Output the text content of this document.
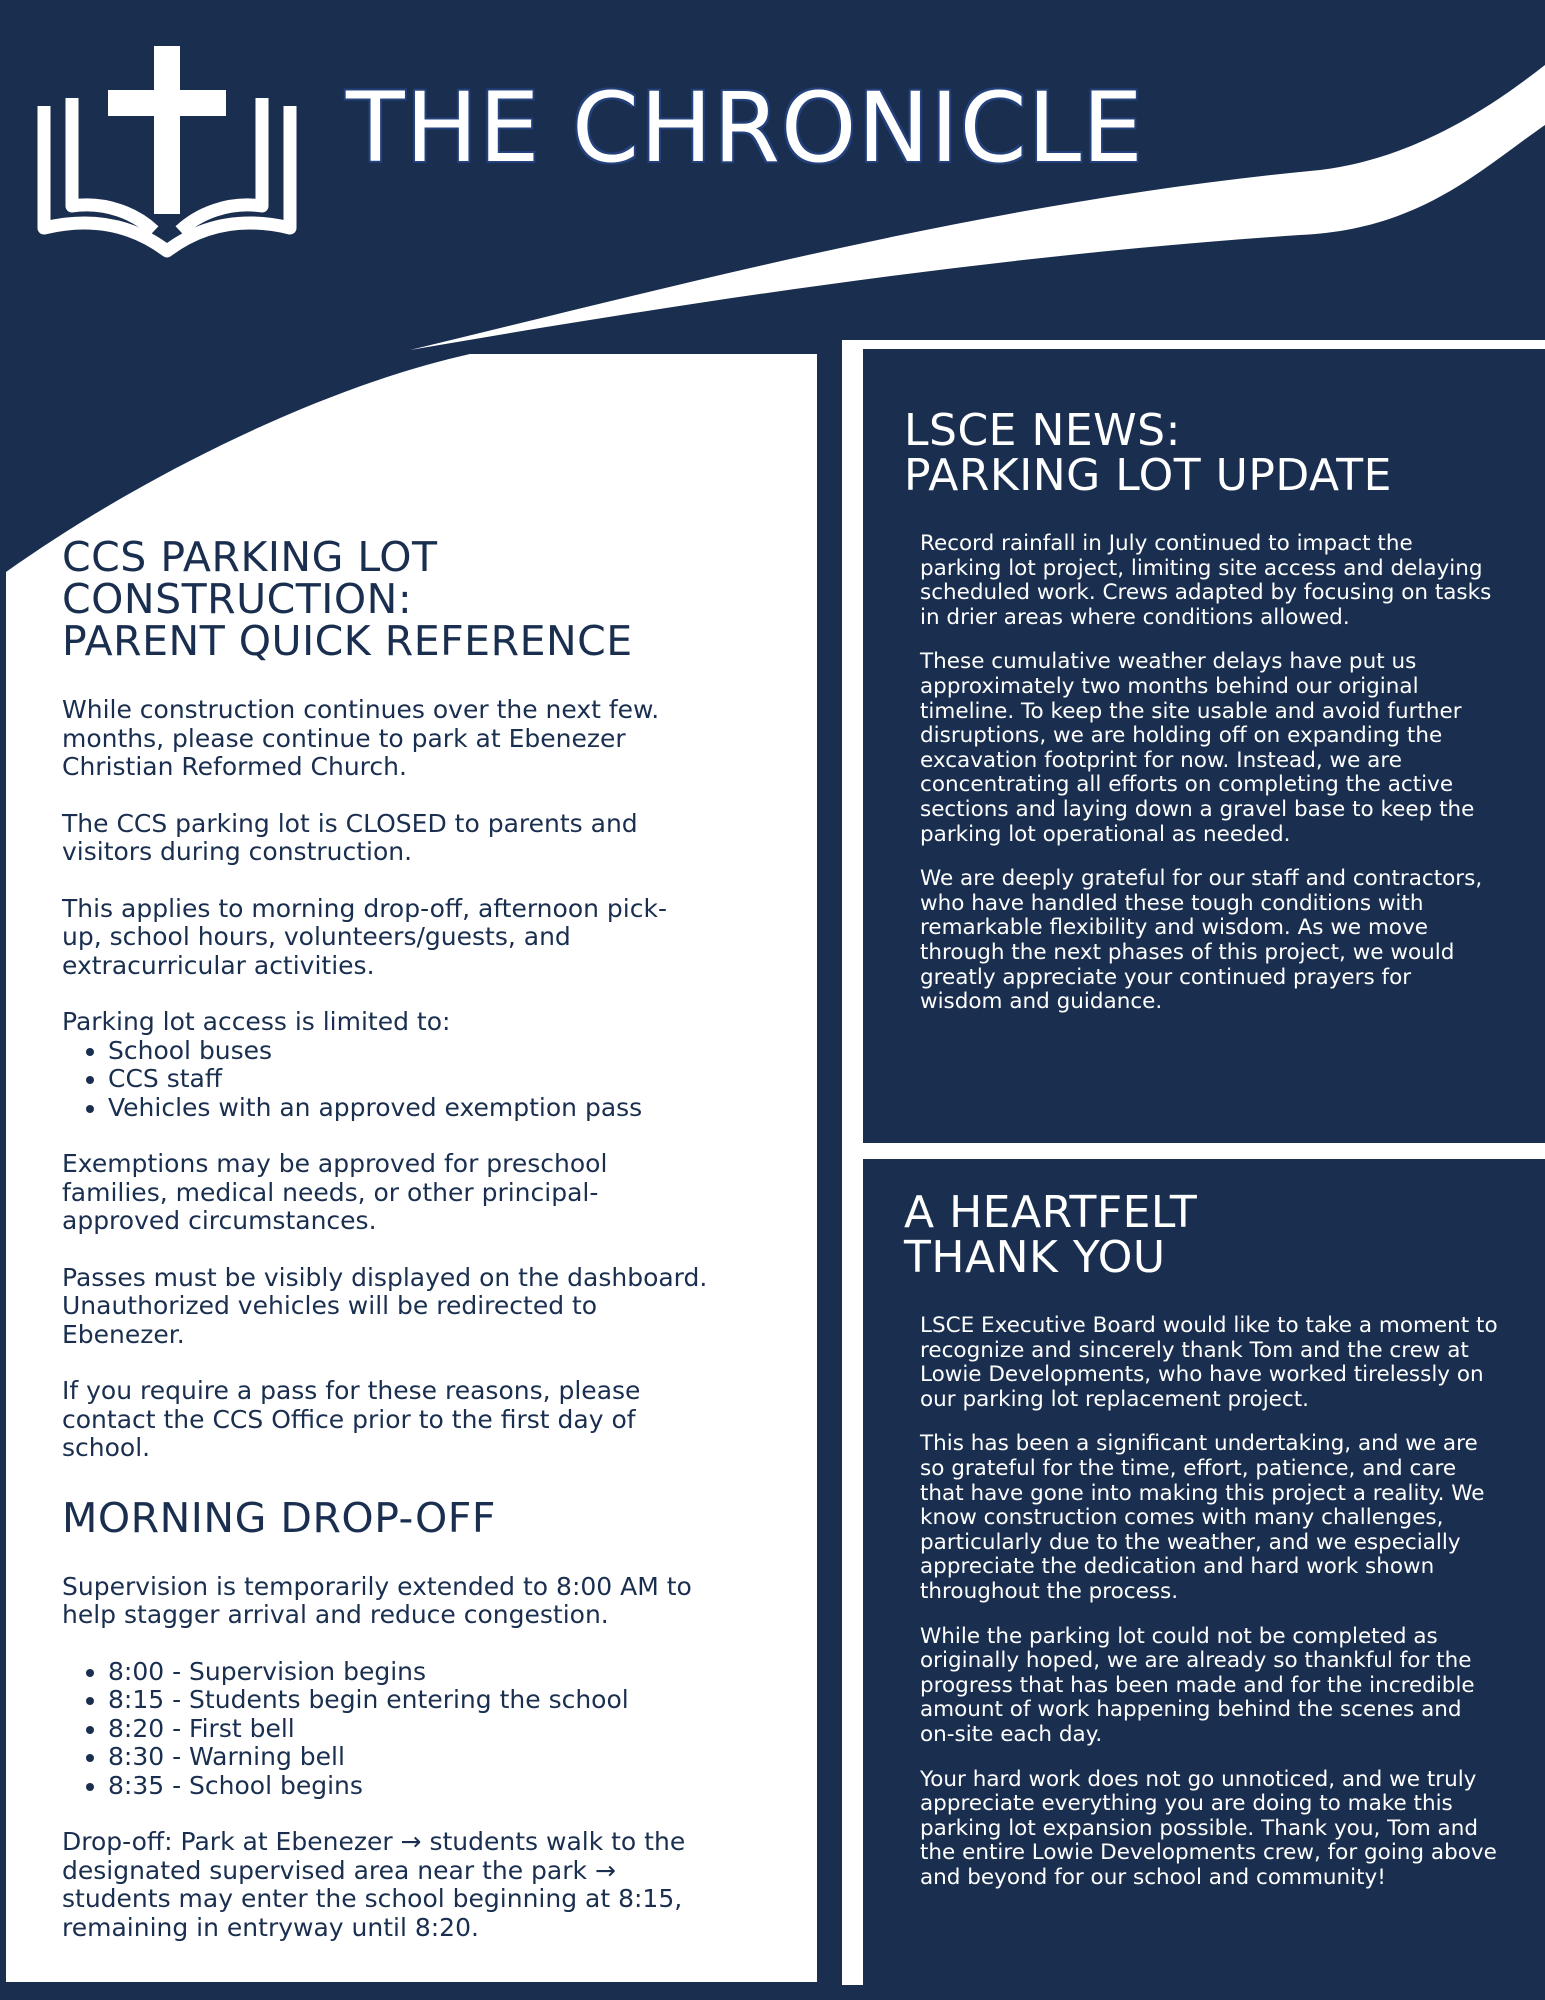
THE CHRONICLE
CCS PARKING LOT
CONSTRUCTION:
PARENT QUICK REFERENCE

While construction continues over the next few.
months, please continue to park at Ebenezer
Christian Reformed Church.

The CCS parking lot is CLOSED to parents and
visitors during construction.

This applies to morning drop-off, afternoon pick-
up, school hours, volunteers/guests, and
extracurricular activities.

Parking lot access is limited to:

• School buses
• CCS staff
• Vehicles with an approved exemption pass

Exemptions may be approved for preschool
families, medical needs, or other principal-
approved circumstances.

Passes must be visibly displayed on the dashboard.
Unauthorized vehicles will be redirected to
Ebenezer.

If you require a pass for these reasons, please
contact the CCS Office prior to the first day of
school.

MORNING DROP-OFF

Supervision is temporarily extended to 8:00 AM to
help stagger arrival and reduce congestion.

• 8:00 - Supervision begins
• 8:15 - Students begin entering the school
• 8:20 - First bell
• 8:30 - Warning bell
• 8:35 - School begins

Drop-off: Park at Ebenezer → students walk to the
designated supervised area near the park →
students may enter the school beginning at 8:15,
remaining in entryway until 8:20.

LSCE NEWS:
PARKING LOT UPDATE

Record rainfall in July continued to impact the parking lot project, limiting site access and delaying scheduled work. Crews adapted by focusing on tasks in drier areas where conditions allowed.

These cumulative weather delays have put us approximately two months behind our original timeline. To keep the site usable and avoid further disruptions, we are holding off on expanding the excavation footprint for now. Instead, we are concentrating all efforts on completing the active sections and laying down a gravel base to keep the parking lot operational as needed.

We are deeply grateful for our staff and contractors, who have handled these tough conditions with remarkable flexibility and wisdom. As we move through the next phases of this project, we would greatly appreciate your continued prayers for wisdom and guidance.

A HEARTFELT
THANK YOU

LSCE Executive Board would like to take a moment to recognize and sincerely thank Tom and the crew at Lowie Developments, who have worked tirelessly on our parking lot replacement project.

This has been a significant undertaking, and we are so grateful for the time, effort, patience, and care that have gone into making this project a reality. We know construction comes with many challenges, particularly due to the weather, and we especially appreciate the dedication and hard work shown throughout the process.

While the parking lot could not be completed as originally hoped, we are already so thankful for the progress that has been made and for the incredible amount of work happening behind the scenes and on-site each day.

Your hard work does not go unnoticed, and we truly appreciate everything you are doing to make this parking lot expansion possible. Thank you, Tom and the entire Lowie Developments crew, for going above and beyond for our school and community!
